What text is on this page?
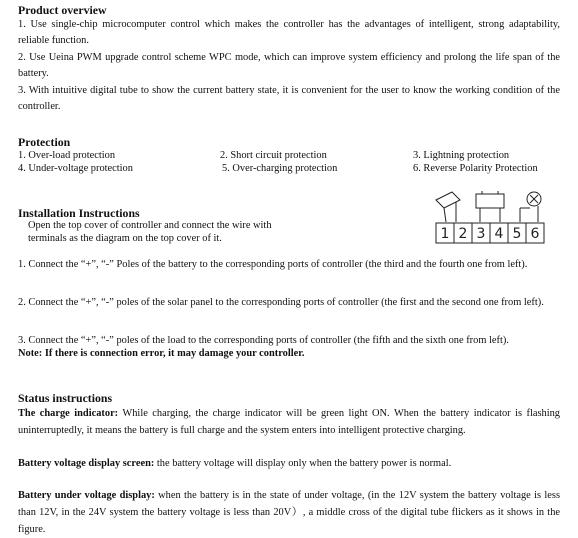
Product overview

1. Use single-chip microcomputer control which makes the controller has the advantages of intelligent, strong adaptability, reliable function.

2. Use Ueina PWM upgrade control scheme WPC mode, which can improve system efficiency and prolong the life span of the battery.

3. With intuitive digital tube to show the current battery state, it is convenient for the user to know the working condition of the controller.

Protection
1. Over-load protection	2. Short circuit protection	3. Lightning protection
4. Under-voltage protection	5. Over-charging protection	6. Reverse Polarity Protection
Installation Instructions
Open the top cover of controller and connect the wire with terminals as the diagram on the top cover of it.	1 2 3 4 5 6
1. Connect the “+”, “-” Poles of the battery to the corresponding ports of controller (the third and the fourth one from left).
2. Connect the “+”, “-” poles of the solar panel to the corresponding ports of controller (the first and the second one from left).
3. Connect the “+”, “-” poles of the load to the corresponding ports of controller (the fifth and the sixth one from left).
Note: If there is connection error, it may damage your controller.
Status instructions
The charge indicator: While charging, the charge indicator will be green light ON. When the battery indicator is flashing uninterruptedly, it means the battery is full charge and the system enters into intelligent protective charging.
Battery voltage display screen: the battery voltage will display only when the battery power is normal.
Battery under voltage display: when the battery is in the state of under voltage, (in the 12V system the battery voltage is less than 12V, in the 24V system the battery voltage is less than 20V）, a middle cross of the digital tube flickers as it shows in the figure.
